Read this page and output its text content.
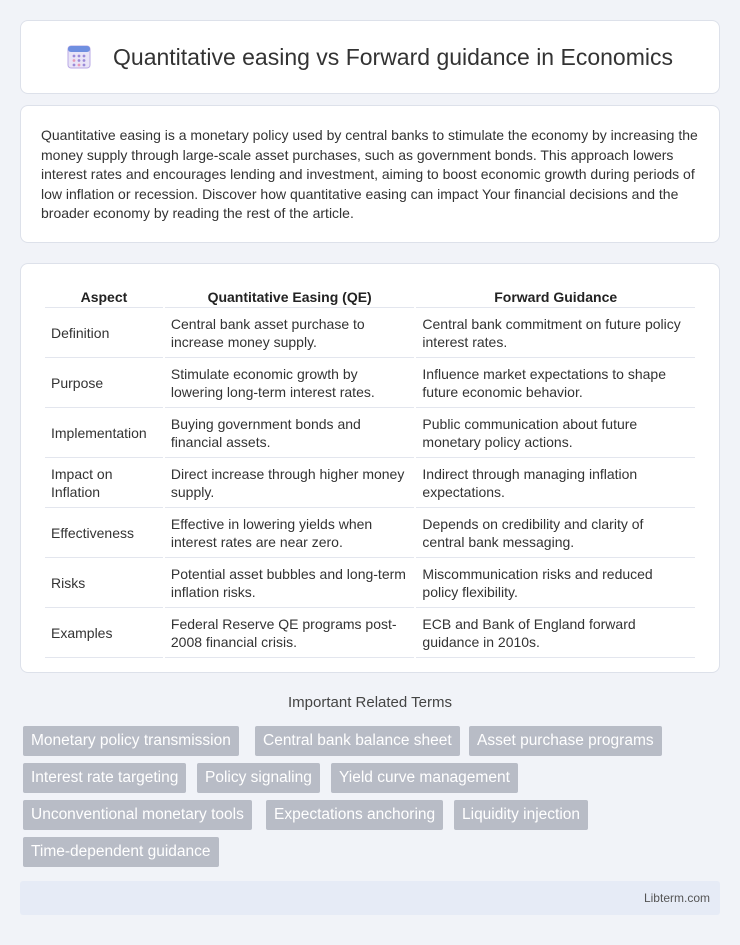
Quantitative easing vs Forward guidance in Economics

Quantitative easing is a monetary policy used by central banks to stimulate the economy by increasing the money supply through large-scale asset purchases, such as government bonds. This approach lowers interest rates and encourages lending and investment, aiming to boost economic growth during periods of low inflation or recession. Discover how quantitative easing can impact Your financial decisions and the broader economy by reading the rest of the article.

Aspect	Quantitative Easing (QE)	Forward Guidance
Definition	Central bank asset purchase to increase money supply.	Central bank commitment on future policy interest rates.
Purpose	Stimulate economic growth by lowering long-term interest rates.	Influence market expectations to shape future economic behavior.
Implementation	Buying government bonds and financial assets.	Public communication about future monetary policy actions.
Impact on Inflation	Direct increase through higher money supply.	Indirect through managing inflation expectations.
Effectiveness	Effective in lowering yields when interest rates are near zero.	Depends on credibility and clarity of central bank messaging.
Risks	Potential asset bubbles and long-term inflation risks.	Miscommunication risks and reduced policy flexibility.
Examples	Federal Reserve QE programs post-2008 financial crisis.	ECB and Bank of England forward guidance in 2010s.
Important Related Terms
Monetary policy transmission	Central bank balance sheet	Asset purchase programs
Interest rate targeting	Policy signaling	Yield curve management
Unconventional monetary tools	Expectations anchoring	Liquidity injection
Time-dependent guidance
Libterm.com
